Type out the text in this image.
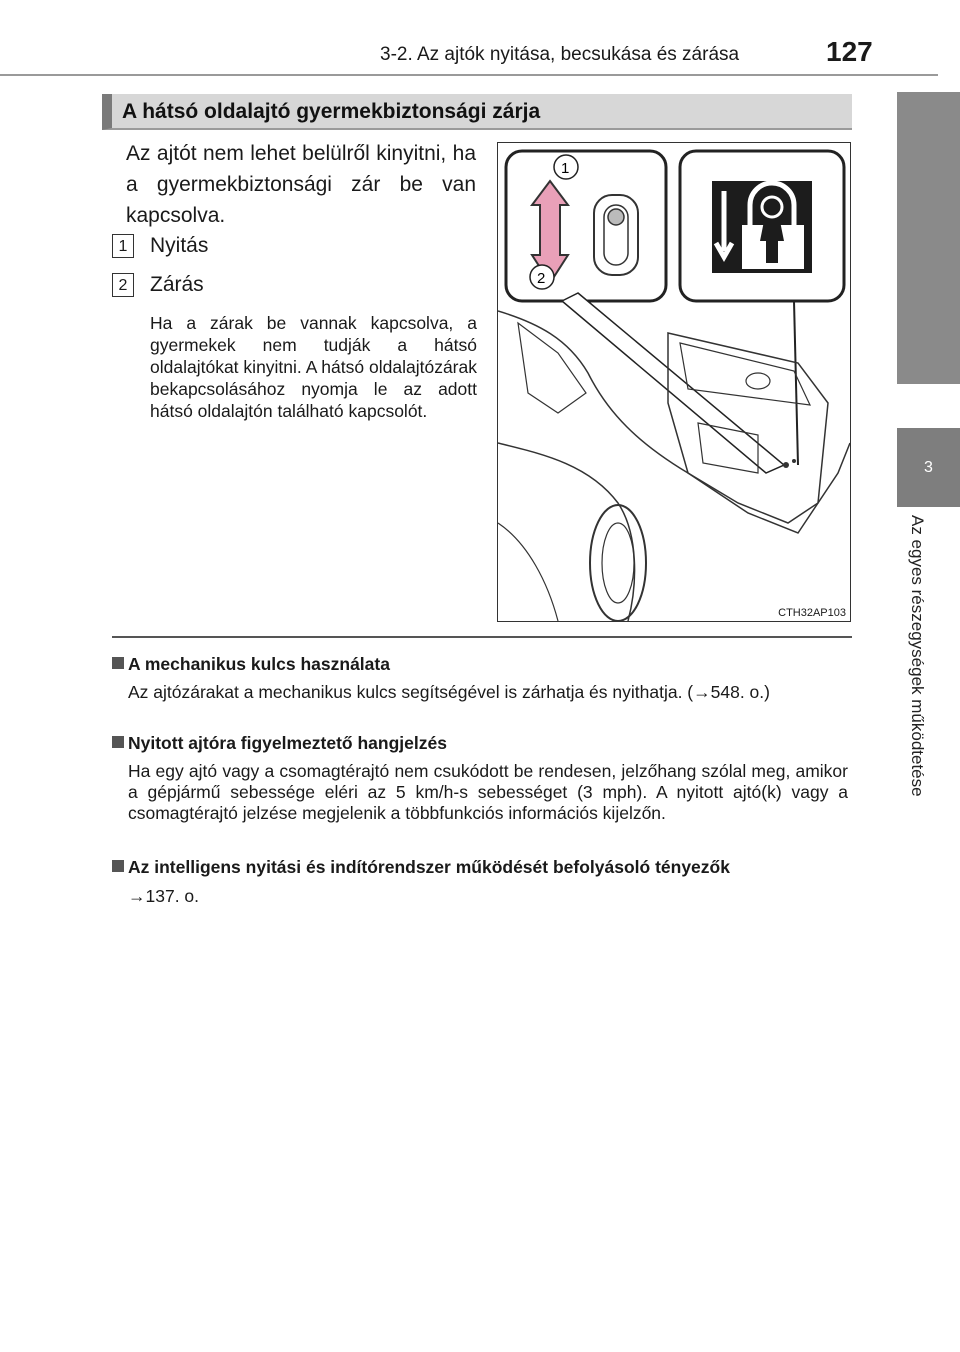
3-2. Az ajtók nyitása, becsukása és zárása	127
3
Az egyes részegységek működtetése
A hátsó oldalajtó gyermekbiztonsági zárja
Az ajtót nem lehet belülről kinyitni, ha a gyermekbiztonsági zár be van kapcsolva.
1 Nyitás
2 Zárás
Ha a zárak be vannak kapcsolva, a gyermekek nem tudják a hátsó oldalajtókat kinyitni. A hátsó oldalajtózárak bekapcsolásához nyomja le az adott hátsó oldalajtón található kapcsolót.
1
2
CTH32AP103
A mechanikus kulcs használata
Az ajtózárakat a mechanikus kulcs segítségével is zárhatja és nyithatja. (→548. o.)
Nyitott ajtóra figyelmeztető hangjelzés
Ha egy ajtó vagy a csomagtérajtó nem csukódott be rendesen, jelzőhang szólal meg, amikor a gépjármű sebessége eléri az 5 km/h-s sebességet (3 mph). A nyitott ajtó(k) vagy a csomagtérajtó jelzése megjelenik a többfunkciós információs kijelzőn.
Az intelligens nyitási és indítórendszer működését befolyásoló tényezők
→137. o.
